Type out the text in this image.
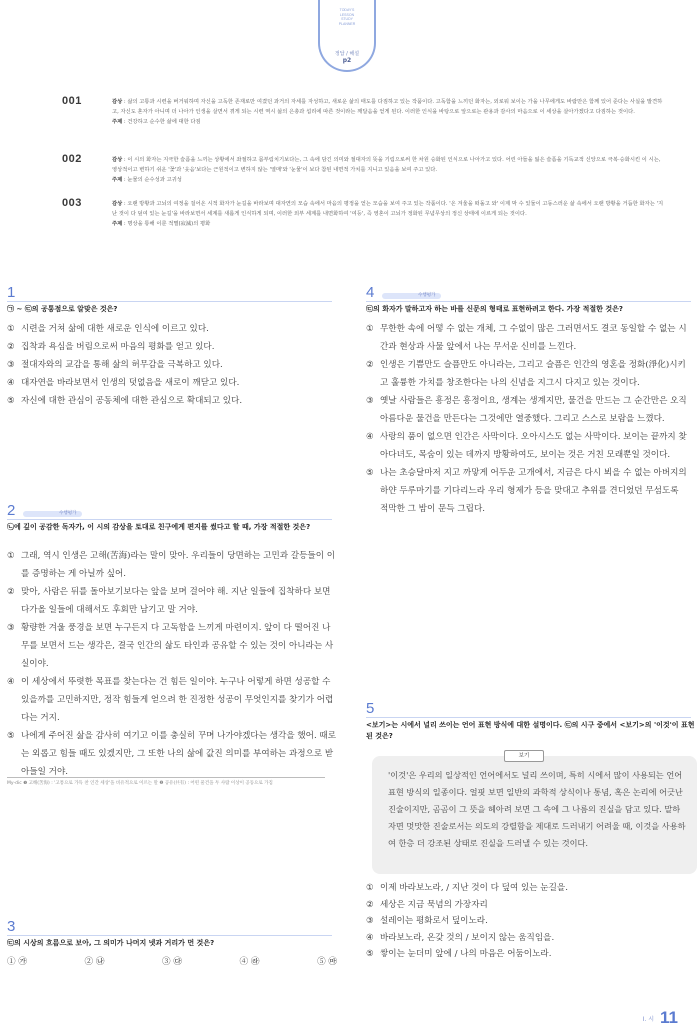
TODAY'S
LESSON
STUDY
PLANNER
정답 / 해설
p2
001	감상 : 삶의 고통과 시련을 버거워하며 자신을 고독한 존재로만 여겼던 과거의 자세를 자성하고, 새로운 삶의 태도를 다짐하고 있는 작품이다. 고독함을 느끼던 화자는, 외로워 보이는 가을 나무에게도 바람만은 함께 있어 준다는 사실을 발견하고, 자신도 혼자가 아니며 더 나아가 인생을 살면서 겪게 되는 시련 역시 삶의 은총과 섭리에 따른 것이라는 깨달음을 얻게 된다. 이러한 인식을 바탕으로 앞으로는 관용과 감사의 마음으로 이 세상을 살아가겠다고 다짐하는 것이다.
주제 : 건강하고 순수한 삶에 대한 다짐
002	감상 : 이 시의 화자는 지극한 슬픔을 느끼는 상황에서 좌절하고 몸부림치기보다는, 그 속에 담긴 의미와 절대자의 뜻을 기림으로써 한 차원 승화된 인식으로 나아가고 있다. 어린 아들을 잃은 슬픔을 기독교적 신앙으로 극복·승화시킨 이 시는, 영상적이고 변하기 쉬운 '꽃'과 '웃음'보다는 근원적이고 변하지 않는 '열매'와 '눈물'이 보다 참된 내면적 가치를 지니고 있음을 보여 주고 있다.
주제 : 눈물의 순수성과 고귀성
003	감상 : 오랜 방황과 고뇌의 여정을 걸어온 시적 화자가 눈길을 바라보며 대자연의 모습 속에서 마음의 평정을 얻는 모습을 보여 주고 있는 작품이다. '온 겨울을 떠돌고 와' 이제 막 수 있둘이 고동스러운 삶 속에서 오랜 방황을 거듭한 화자는 '지난 것이 다 덮여 있는 눈길'을 바라보면서 세계를 새롭게 인식하게 되며, 이러한 외부 세계를 내면화하여 '여등', 즉 영혼이 고뇌가 정화된 무념무상의 정신 상태에 이르게 되는 것이다.
주제 : 명상을 통해 이룬 적멸(寂滅)의 평화
1
㉠ ~ ㉢의 공통점으로 알맞은 것은?
① 시련을 거쳐 삶에 대한 새로운 인식에 이르고 있다.
② 집착과 욕심을 버림으로써 마음의 평화를 얻고 있다.
③ 절대자와의 교감을 통해 삶의 허무감을 극복하고 있다.
④ 대자연을 바라보면서 인생의 덧없음을 새로이 깨닫고 있다.
⑤ 자신에 대한 관심이 공동체에 대한 관심으로 확대되고 있다.
2	수행평가
㉡에 깊이 공감한 독자가, 이 시의 감상을 토대로 친구에게 편지를 썼다고 할 때, 가장 적절한 것은?
① 그래, 역시 인생은 고해(苦海)라는 말이 맞아. 우리들이 당면하는 고민과 갈등들이 이를 증명하는 게 아닐까 싶어.
② 맞아, 사람은 뒤를 돌아보기보다는 앞을 보며 걸어야 해. 지난 일들에 집착하다 보면 다가올 일들에 대해서도 후회만 남기고 말 거야.
③ 황량한 겨울 풍경을 보면 누구든지 다 고독함을 느끼게 마련이지. 앞이 다 떨어진 나무를 보면서 드는 생각은, 결국 인간의 삶도 타인과 공유할 수 있는 것이 아니라는 사실이야.
④ 이 세상에서 뚜렷한 목표를 찾는다는 건 힘든 일이야. 누구나 어렇게 하면 성공할 수 있을까를 고민하지만, 정작 힘들게 얻으려 한 진정한 성공이 무엇인지를 찾기가 어렵다는 거지.
⑤ 나에게 주어진 삶을 감사히 여기고 이를 충실히 꾸며 나가야겠다는 생각을 했어. 때로는 외롭고 힘들 때도 있겠지만, 그 또한 나의 삶에 값진 의미를 부여하는 과정으로 받아들일 거야.
My-dic ❶ 고해(苦海) : '고통으로 가득 찬 인간 세상'을 비유적으로 이르는 말 ❷ 공유(共有) : 어떤 물건을 두 사람 이상이 공동으로 가짐
3
㉢의 시상의 흐름으로 보아, 그 의미가 나머지 넷과 거리가 먼 것은?
① ㉮	② ㉯	③ ㉰	④ ㉱	⑤ ㉲
4	수행평가
㉢의 화자가 말하고자 하는 바를 신문의 형태로 표현하려고 한다. 가장 적절한 것은?
① 무한한 속에 어떻 수 없는 개체, 그 수없이 많은 그러면서도 결코 동일할 수 없는 시간과 현상과 사물 앞에서 나는 무서운 신비를 느낀다.
② 인생은 기쁨만도 슬픔만도 아니라는, 그리고 슬픔은 인간의 영혼을 정화(淨化)시키고 훌륭한 가치를 창조한다는 나의 신념을 지그시 다지고 있는 것이다.
③ 옛날 사람들은 흥정은 흥정이요, 생계는 생계지만, 물건을 만드는 그 순간만은 오직 아름다운 물건을 만든다는 그것에만 열중했다. 그리고 스스로 보람을 느꼈다.
④ 사랑의 품이 없으면 인간은 사막이다. 오아시스도 없는 사막이다. 보이는 끝까지 찾아다녀도, 목숨이 있는 데까지 방황하여도, 보이는 것은 거친 모래뿐일 것이다.
⑤ 나는 초승달마저 지고 까맣게 어두운 고개에서, 지금은 다시 뵈을 수 없는 아버지의 하얀 두루마기를 기다리느라 우리 형제가 등을 맞대고 추위를 견디었던 무섬도록 적막한 그 밤이 문득 그립다.
5
<보기>는 시에서 널리 쓰이는 언어 표현 방식에 대한 설명이다. ㉢의 시구 중에서 <보기>의 '이것'이 표현된 것은?
보기
'이것'은 우리의 일상적인 언어에서도 널리 쓰이며, 특히 시에서 많이 사용되는 언어 표현 방식의 일종이다. 얼핏 보면 일반의 과학적 상식이나 통념, 혹은 논리에 어긋난 진술이지만, 곰곰이 그 뜻을 헤아려 보면 그 속에 그 나름의 진실을 담고 있다. 말하자면 멋맛한 진술로서는 의도의 강렬함을 제대로 드러내기 어려울 때, 이것을 사용하여 한층 더 강조된 상태로 진실을 드러낼 수 있는 것이다.
① 이제 바라보노라, / 지난 것이 다 덮여 있는 눈길을.
② 세상은 지금 묵념의 가장자리
③ 설레이는 평화로서 덮이노라.
④ 바라보노라, 온갖 것의 / 보이지 않는 움직임을.
⑤ 쌓이는 눈더미 앞에 / 나의 마음은 어둠이노라.
I. 시 11
